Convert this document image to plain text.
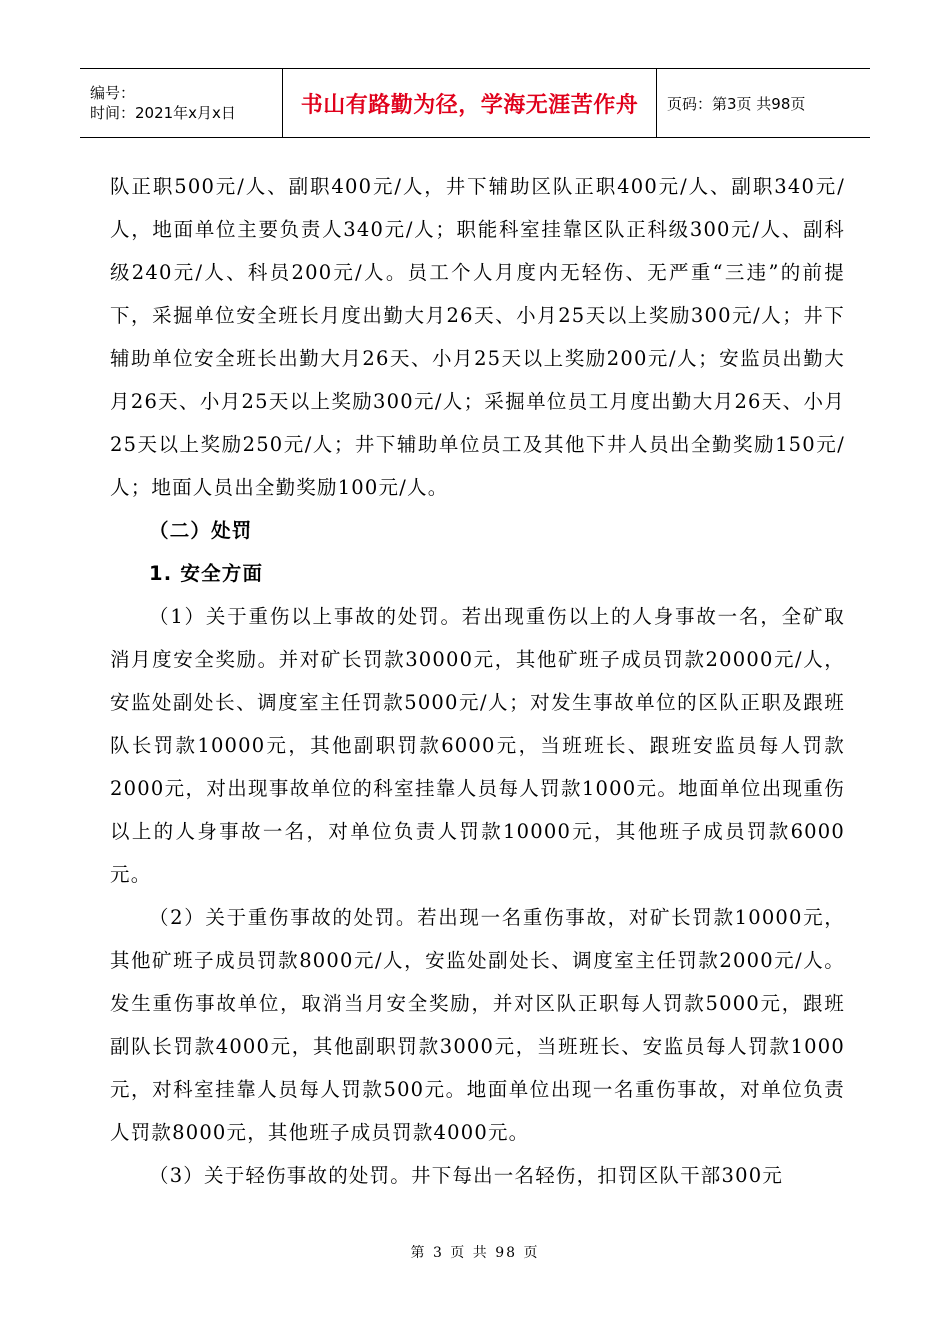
编号：
时间：2021年x月x日	书山有路勤为径，学海无涯苦作舟	页码：第3页 共98页

队正职500元/人、副职400元/人，井下辅助区队正职400元/人、副职340元/人，地面单位主要负责人340元/人；职能科室挂靠区队正科级300元/人、副科级240元/人、科员200元/人。员工个人月度内无轻伤、无严重“三违”的前提下，采掘单位安全班长月度出勤大月26天、小月25天以上奖励300元/人；井下辅助单位安全班长出勤大月26天、小月25天以上奖励200元/人；安监员出勤大月26天、小月25天以上奖励300元/人；采掘单位员工月度出勤大月26天、小月25天以上奖励250元/人；井下辅助单位员工及其他下井人员出全勤奖励150元/人；地面人员出全勤奖励100元/人。

（二）处罚

1. 安全方面

（1）关于重伤以上事故的处罚。若出现重伤以上的人身事故一名，全矿取消月度安全奖励。并对矿长罚款30000元，其他矿班子成员罚款20000元/人，安监处副处长、调度室主任罚款5000元/人；对发生事故单位的区队正职及跟班队长罚款10000元，其他副职罚款6000元，当班班长、跟班安监员每人罚款2000元，对出现事故单位的科室挂靠人员每人罚款1000元。地面单位出现重伤以上的人身事故一名，对单位负责人罚款10000元，其他班子成员罚款6000元。

（2）关于重伤事故的处罚。若出现一名重伤事故，对矿长罚款10000元，其他矿班子成员罚款8000元/人，安监处副处长、调度室主任罚款2000元/人。发生重伤事故单位，取消当月安全奖励，并对区队正职每人罚款5000元，跟班副队长罚款4000元，其他副职罚款3000元，当班班长、安监员每人罚款1000元，对科室挂靠人员每人罚款500元。地面单位出现一名重伤事故，对单位负责人罚款8000元，其他班子成员罚款4000元。

（3）关于轻伤事故的处罚。井下每出一名轻伤，扣罚区队干部300元

第 3 页 共 98 页
